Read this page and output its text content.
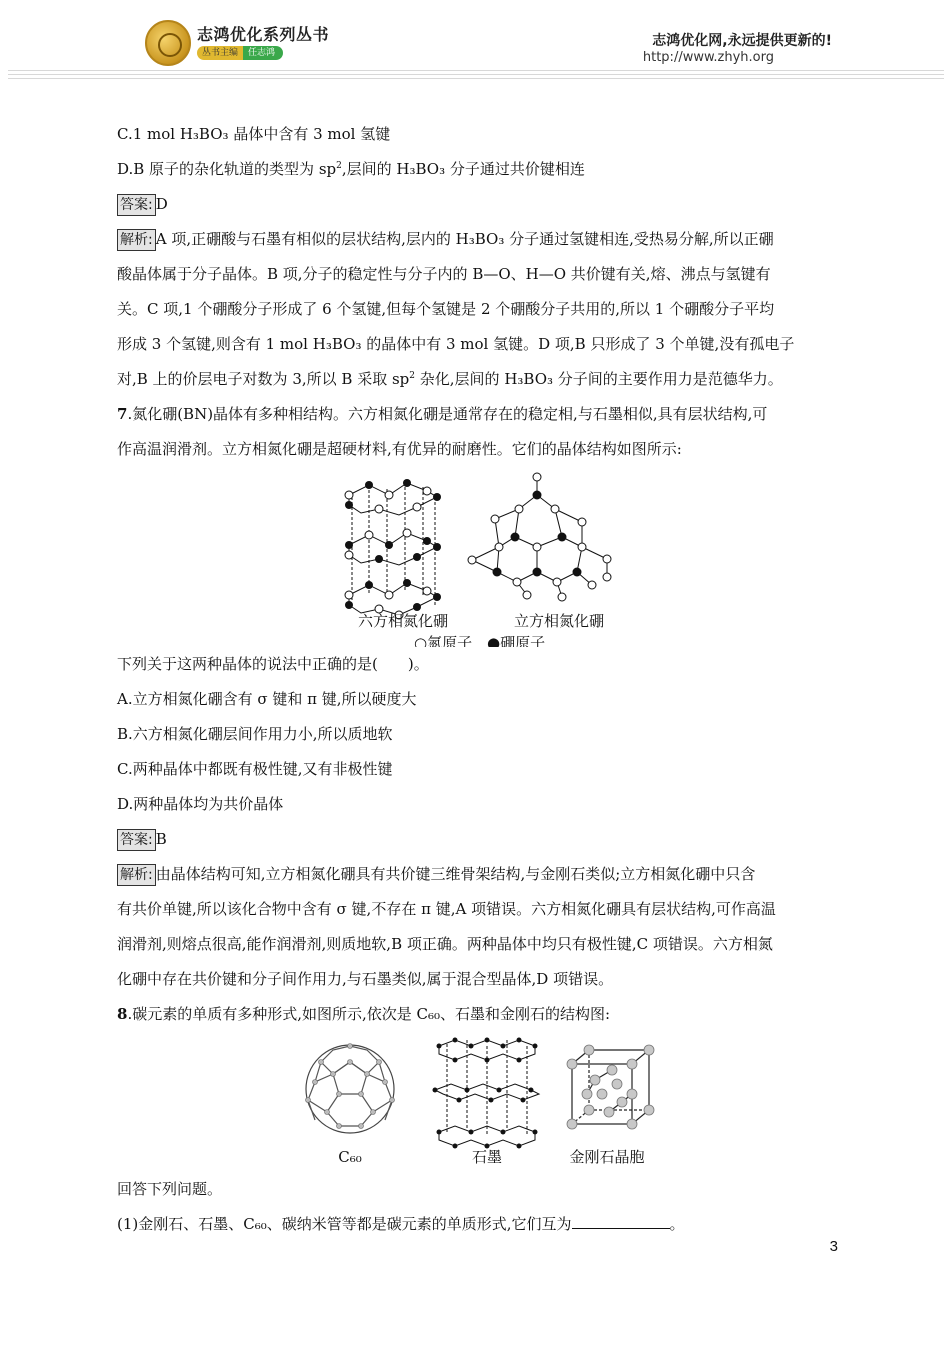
志鸿优化系列丛书
丛书主编 任志鸿
志鸿优化网,永远提供更新的!
http://www.zhyh.org
C.1 mol H₃BO₃ 晶体中含有 3 mol 氢键
D.B 原子的杂化轨道的类型为 $sp^2$,层间的 H₃BO₃ 分子通过共价键相连
答案: D
解析: A 项,正硼酸与石墨有相似的层状结构,层内的 H₃BO₃ 分子通过氢键相连,受热易分解,所以正硼
酸晶体属于分子晶体。B 项,分子的稳定性与分子内的 B—O、H—O 共价键有关,熔、沸点与氢键有
关。C 项,1 个硼酸分子形成了 6 个氢键,但每个氢键是 2 个硼酸分子共用的,所以 1 个硼酸分子平均
形成 3 个氢键,则含有 1 mol H₃BO₃ 的晶体中有 3 mol 氢键。D 项,B 只形成了 3 个单键,没有孤电子
对,B 上的价层电子对数为 3,所以 B 采取 $sp^2$ 杂化,层间的 H₃BO₃ 分子间的主要作用力是范德华力。
7.氮化硼(BN)晶体有多种相结构。六方相氮化硼是通常存在的稳定相,与石墨相似,具有层状结构,可
作高温润滑剂。立方相氮化硼是超硬材料,有优异的耐磨性。它们的晶体结构如图所示:
六方相氮化硼	立方相氮化硼
○氮原子 ●硼原子
下列关于这两种晶体的说法中正确的是(　　)。
A.立方相氮化硼含有 σ 键和 π 键,所以硬度大
B.六方相氮化硼层间作用力小,所以质地软
C.两种晶体中都既有极性键,又有非极性键
D.两种晶体均为共价晶体
答案: B
解析: 由晶体结构可知,立方相氮化硼具有共价键三维骨架结构,与金刚石类似;立方相氮化硼中只含
有共价单键,所以该化合物中含有 σ 键,不存在 π 键,A 项错误。六方相氮化硼具有层状结构,可作高温
润滑剂,则熔点很高,能作润滑剂,则质地软,B 项正确。两种晶体中均只有极性键,C 项错误。六方相氮
化硼中存在共价键和分子间作用力,与石墨类似,属于混合型晶体,D 项错误。
8.碳元素的单质有多种形式,如图所示,依次是 C₆₀、石墨和金刚石的结构图:
C₆₀	石墨	金刚石晶胞
回答下列问题。
(1)金刚石、石墨、C₆₀、碳纳米管等都是碳元素的单质形式,它们互为	。
3
